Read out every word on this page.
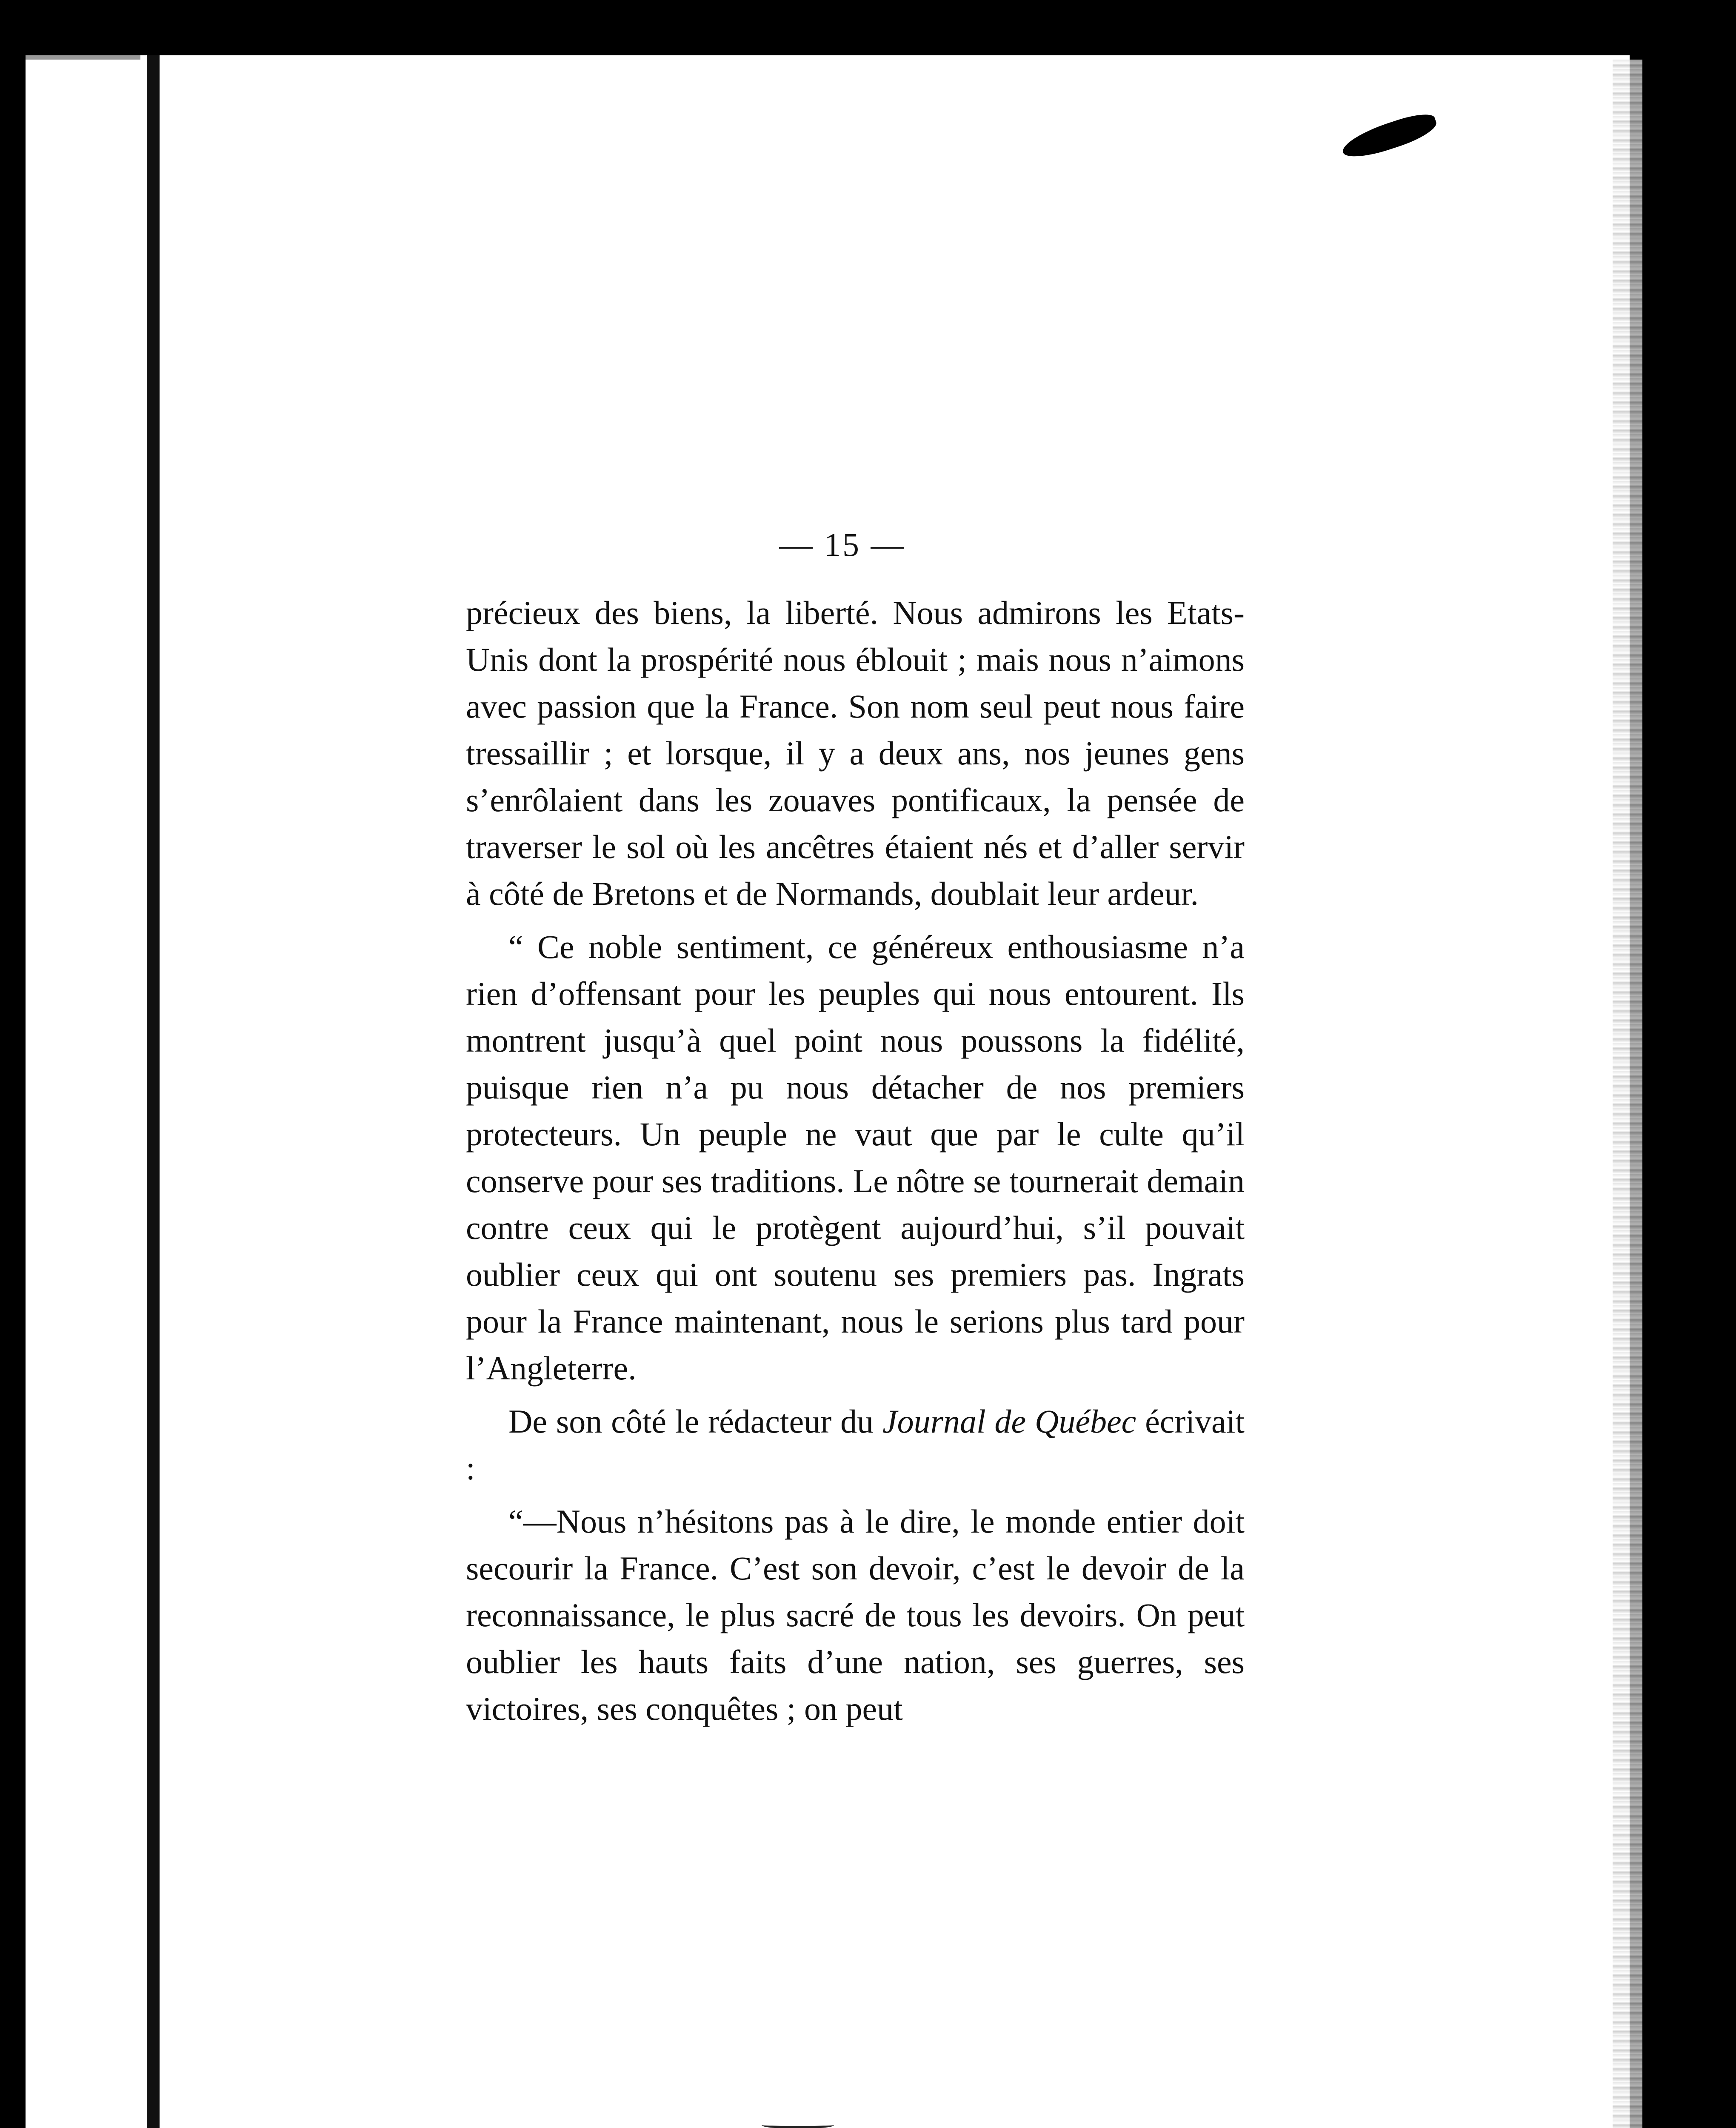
— 15 —

précieux des biens, la liberté. Nous admirons les Etats-Unis dont la prospérité nous éblouit ; mais nous n’aimons avec passion que la France. Son nom seul peut nous faire tressaillir ; et lorsque, il y a deux ans, nos jeunes gens s’enrôlaient dans les zouaves pontificaux, la pensée de traverser le sol où les ancêtres étaient nés et d’aller servir à côté de Bretons et de Normands, doublait leur ardeur.

“ Ce noble sentiment, ce généreux enthousiasme n’a rien d’offensant pour les peuples qui nous entourent. Ils montrent jusqu’à quel point nous poussons la fidélité, puisque rien n’a pu nous détacher de nos premiers protecteurs. Un peuple ne vaut que par le culte qu’il conserve pour ses traditions. Le nôtre se tournerait demain contre ceux qui le protègent aujourd’hui, s’il pouvait oublier ceux qui ont soutenu ses premiers pas. Ingrats pour la France maintenant, nous le serions plus tard pour l’Angleterre.

De son côté le rédacteur du Journal de Québec écrivait :

“—Nous n’hésitons pas à le dire, le monde entier doit secourir la France. C’est son devoir, c’est le devoir de la reconnaissance, le plus sacré de tous les devoirs. On peut oublier les hauts faits d’une nation, ses guerres, ses victoires, ses conquêtes ; on peut
